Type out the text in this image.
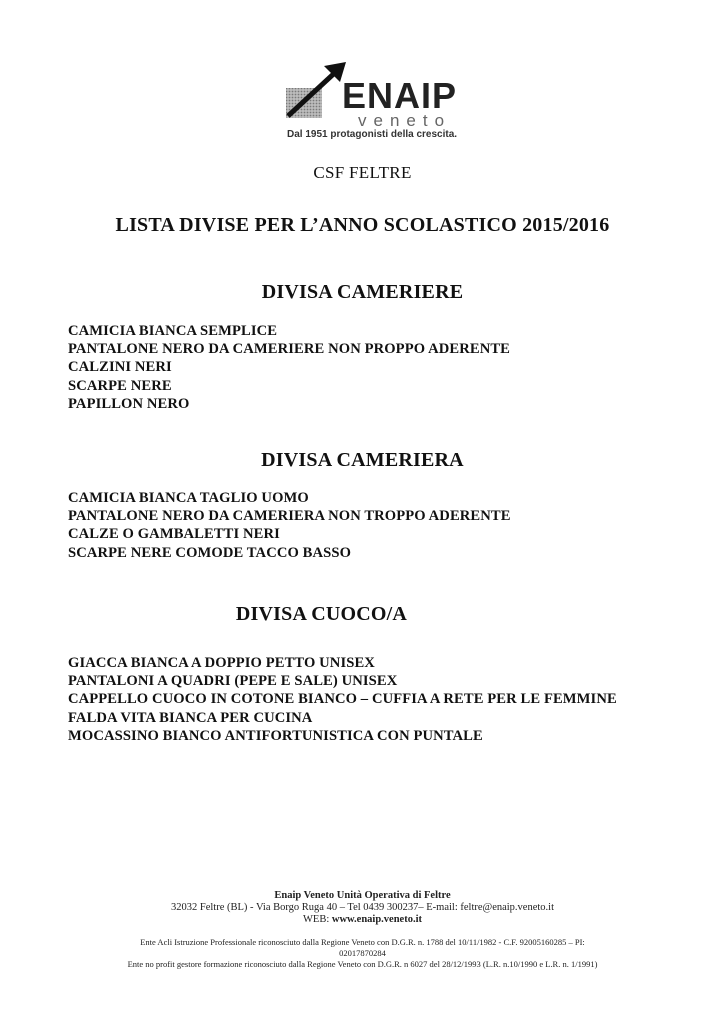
ENAIP
veneto
Dal 1951 protagonisti della crescita.
CSF FELTRE
LISTA DIVISE PER L’ANNO SCOLASTICO 2015/2016
DIVISA CAMERIERE
CAMICIA BIANCA SEMPLICE
PANTALONE NERO DA CAMERIERE NON PROPPO ADERENTE
CALZINI NERI
SCARPE NERE
PAPILLON NERO
DIVISA CAMERIERA
CAMICIA BIANCA TAGLIO UOMO
PANTALONE NERO DA CAMERIERA NON TROPPO ADERENTE
CALZE O GAMBALETTI NERI
SCARPE NERE COMODE TACCO BASSO
DIVISA CUOCO/A
GIACCA BIANCA A DOPPIO PETTO UNISEX
PANTALONI A QUADRI (PEPE E SALE) UNISEX
CAPPELLO CUOCO IN COTONE BIANCO – CUFFIA A RETE PER LE FEMMINE
FALDA VITA BIANCA PER CUCINA
MOCASSINO BIANCO ANTIFORTUNISTICA CON PUNTALE
Enaip Veneto Unità Operativa di Feltre
32032 Feltre (BL) - Via Borgo Ruga 40 – Tel 0439 300237– E-mail: feltre@enaip.veneto.it
WEB: www.enaip.veneto.it
Ente Acli Istruzione Professionale riconosciuto dalla Regione Veneto con D.G.R. n. 1788 del 10/11/1982 - C.F. 92005160285 – PI:
02017870284
Ente no profit gestore formazione riconosciuto dalla Regione Veneto con D.G.R. n 6027 del 28/12/1993 (L.R. n.10/1990 e L.R. n. 1/1991)
